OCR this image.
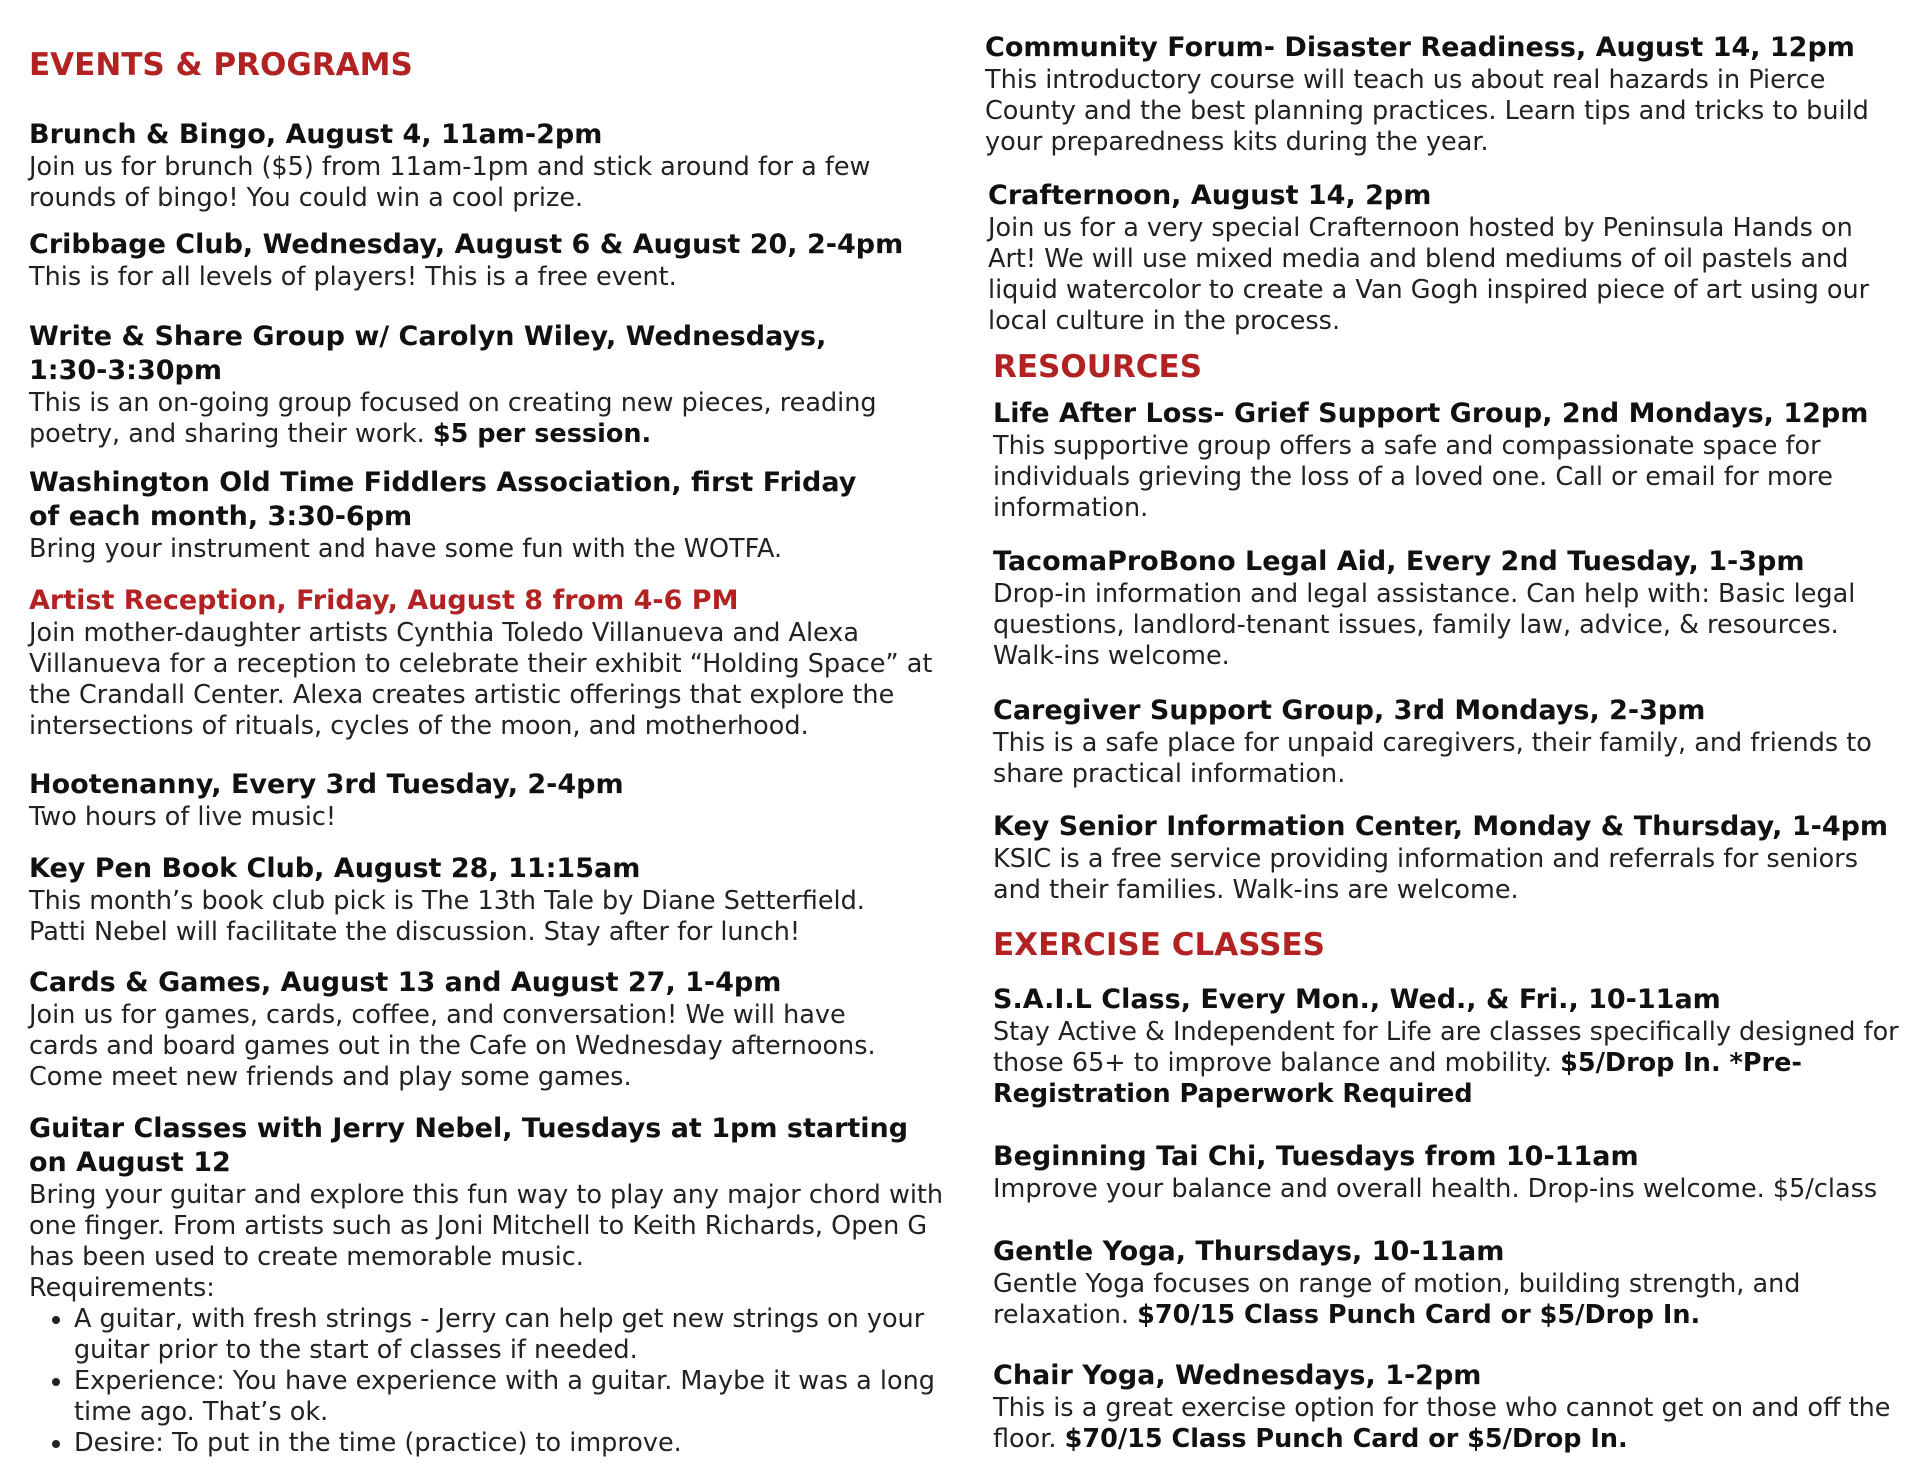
EVENTS & PROGRAMS
Brunch & Bingo, August 4, 11am-2pm
Join us for brunch ($5) from 11am-1pm and stick around for a few rounds of bingo! You could win a cool prize.
Cribbage Club, Wednesday, August 6 & August 20, 2-4pm
This is for all levels of players! This is a free event.
Write & Share Group w/ Carolyn Wiley, Wednesdays, 1:30-3:30pm
This is an on-going group focused on creating new pieces, reading poetry, and sharing their work. $5 per session.
Washington Old Time Fiddlers Association, first Friday of each month, 3:30-6pm
Bring your instrument and have some fun with the WOTFA.
Artist Reception, Friday, August 8 from 4-6 PM
Join mother-daughter artists Cynthia Toledo Villanueva and Alexa Villanueva for a reception to celebrate their exhibit “Holding Space” at the Crandall Center. Alexa creates artistic offerings that explore the intersections of rituals, cycles of the moon, and motherhood.
Hootenanny, Every 3rd Tuesday, 2-4pm
Two hours of live music!
Key Pen Book Club, August 28, 11:15am
This month’s book club pick is The 13th Tale by Diane Setterfield. Patti Nebel will facilitate the discussion. Stay after for lunch!
Cards & Games, August 13 and August 27, 1-4pm
Join us for games, cards, coffee, and conversation! We will have cards and board games out in the Cafe on Wednesday afternoons. Come meet new friends and play some games.
Guitar Classes with Jerry Nebel, Tuesdays at 1pm starting on August 12
Bring your guitar and explore this fun way to play any major chord with one finger. From artists such as Joni Mitchell to Keith Richards, Open G has been used to create memorable music.
Requirements:
• A guitar, with fresh strings - Jerry can help get new strings on your guitar prior to the start of classes if needed.
• Experience: You have experience with a guitar. Maybe it was a long time ago. That’s ok.
• Desire: To put in the time (practice) to improve.
Community Forum- Disaster Readiness, August 14, 12pm
This introductory course will teach us about real hazards in Pierce County and the best planning practices. Learn tips and tricks to build your preparedness kits during the year.
Crafternoon, August 14, 2pm
Join us for a very special Crafternoon hosted by Peninsula Hands on Art! We will use mixed media and blend mediums of oil pastels and liquid watercolor to create a Van Gogh inspired piece of art using our local culture in the process.
RESOURCES
Life After Loss- Grief Support Group, 2nd Mondays, 12pm
This supportive group offers a safe and compassionate space for individuals grieving the loss of a loved one. Call or email for more information.
TacomaProBono Legal Aid, Every 2nd Tuesday, 1-3pm
Drop-in information and legal assistance. Can help with: Basic legal questions, landlord-tenant issues, family law, advice, & resources. Walk-ins welcome.
Caregiver Support Group, 3rd Mondays, 2-3pm
This is a safe place for unpaid caregivers, their family, and friends to share practical information.
Key Senior Information Center, Monday & Thursday, 1-4pm
KSIC is a free service providing information and referrals for seniors and their families. Walk-ins are welcome.
EXERCISE CLASSES
S.A.I.L Class, Every Mon., Wed., & Fri., 10-11am
Stay Active & Independent for Life are classes specifically designed for those 65+ to improve balance and mobility. $5/Drop In. *Pre-Registration Paperwork Required
Beginning Tai Chi, Tuesdays from 10-11am
Improve your balance and overall health. Drop-ins welcome. $5/class
Gentle Yoga, Thursdays, 10-11am
Gentle Yoga focuses on range of motion, building strength, and relaxation. $70/15 Class Punch Card or $5/Drop In.
Chair Yoga, Wednesdays, 1-2pm
This is a great exercise option for those who cannot get on and off the floor. $70/15 Class Punch Card or $5/Drop In.
